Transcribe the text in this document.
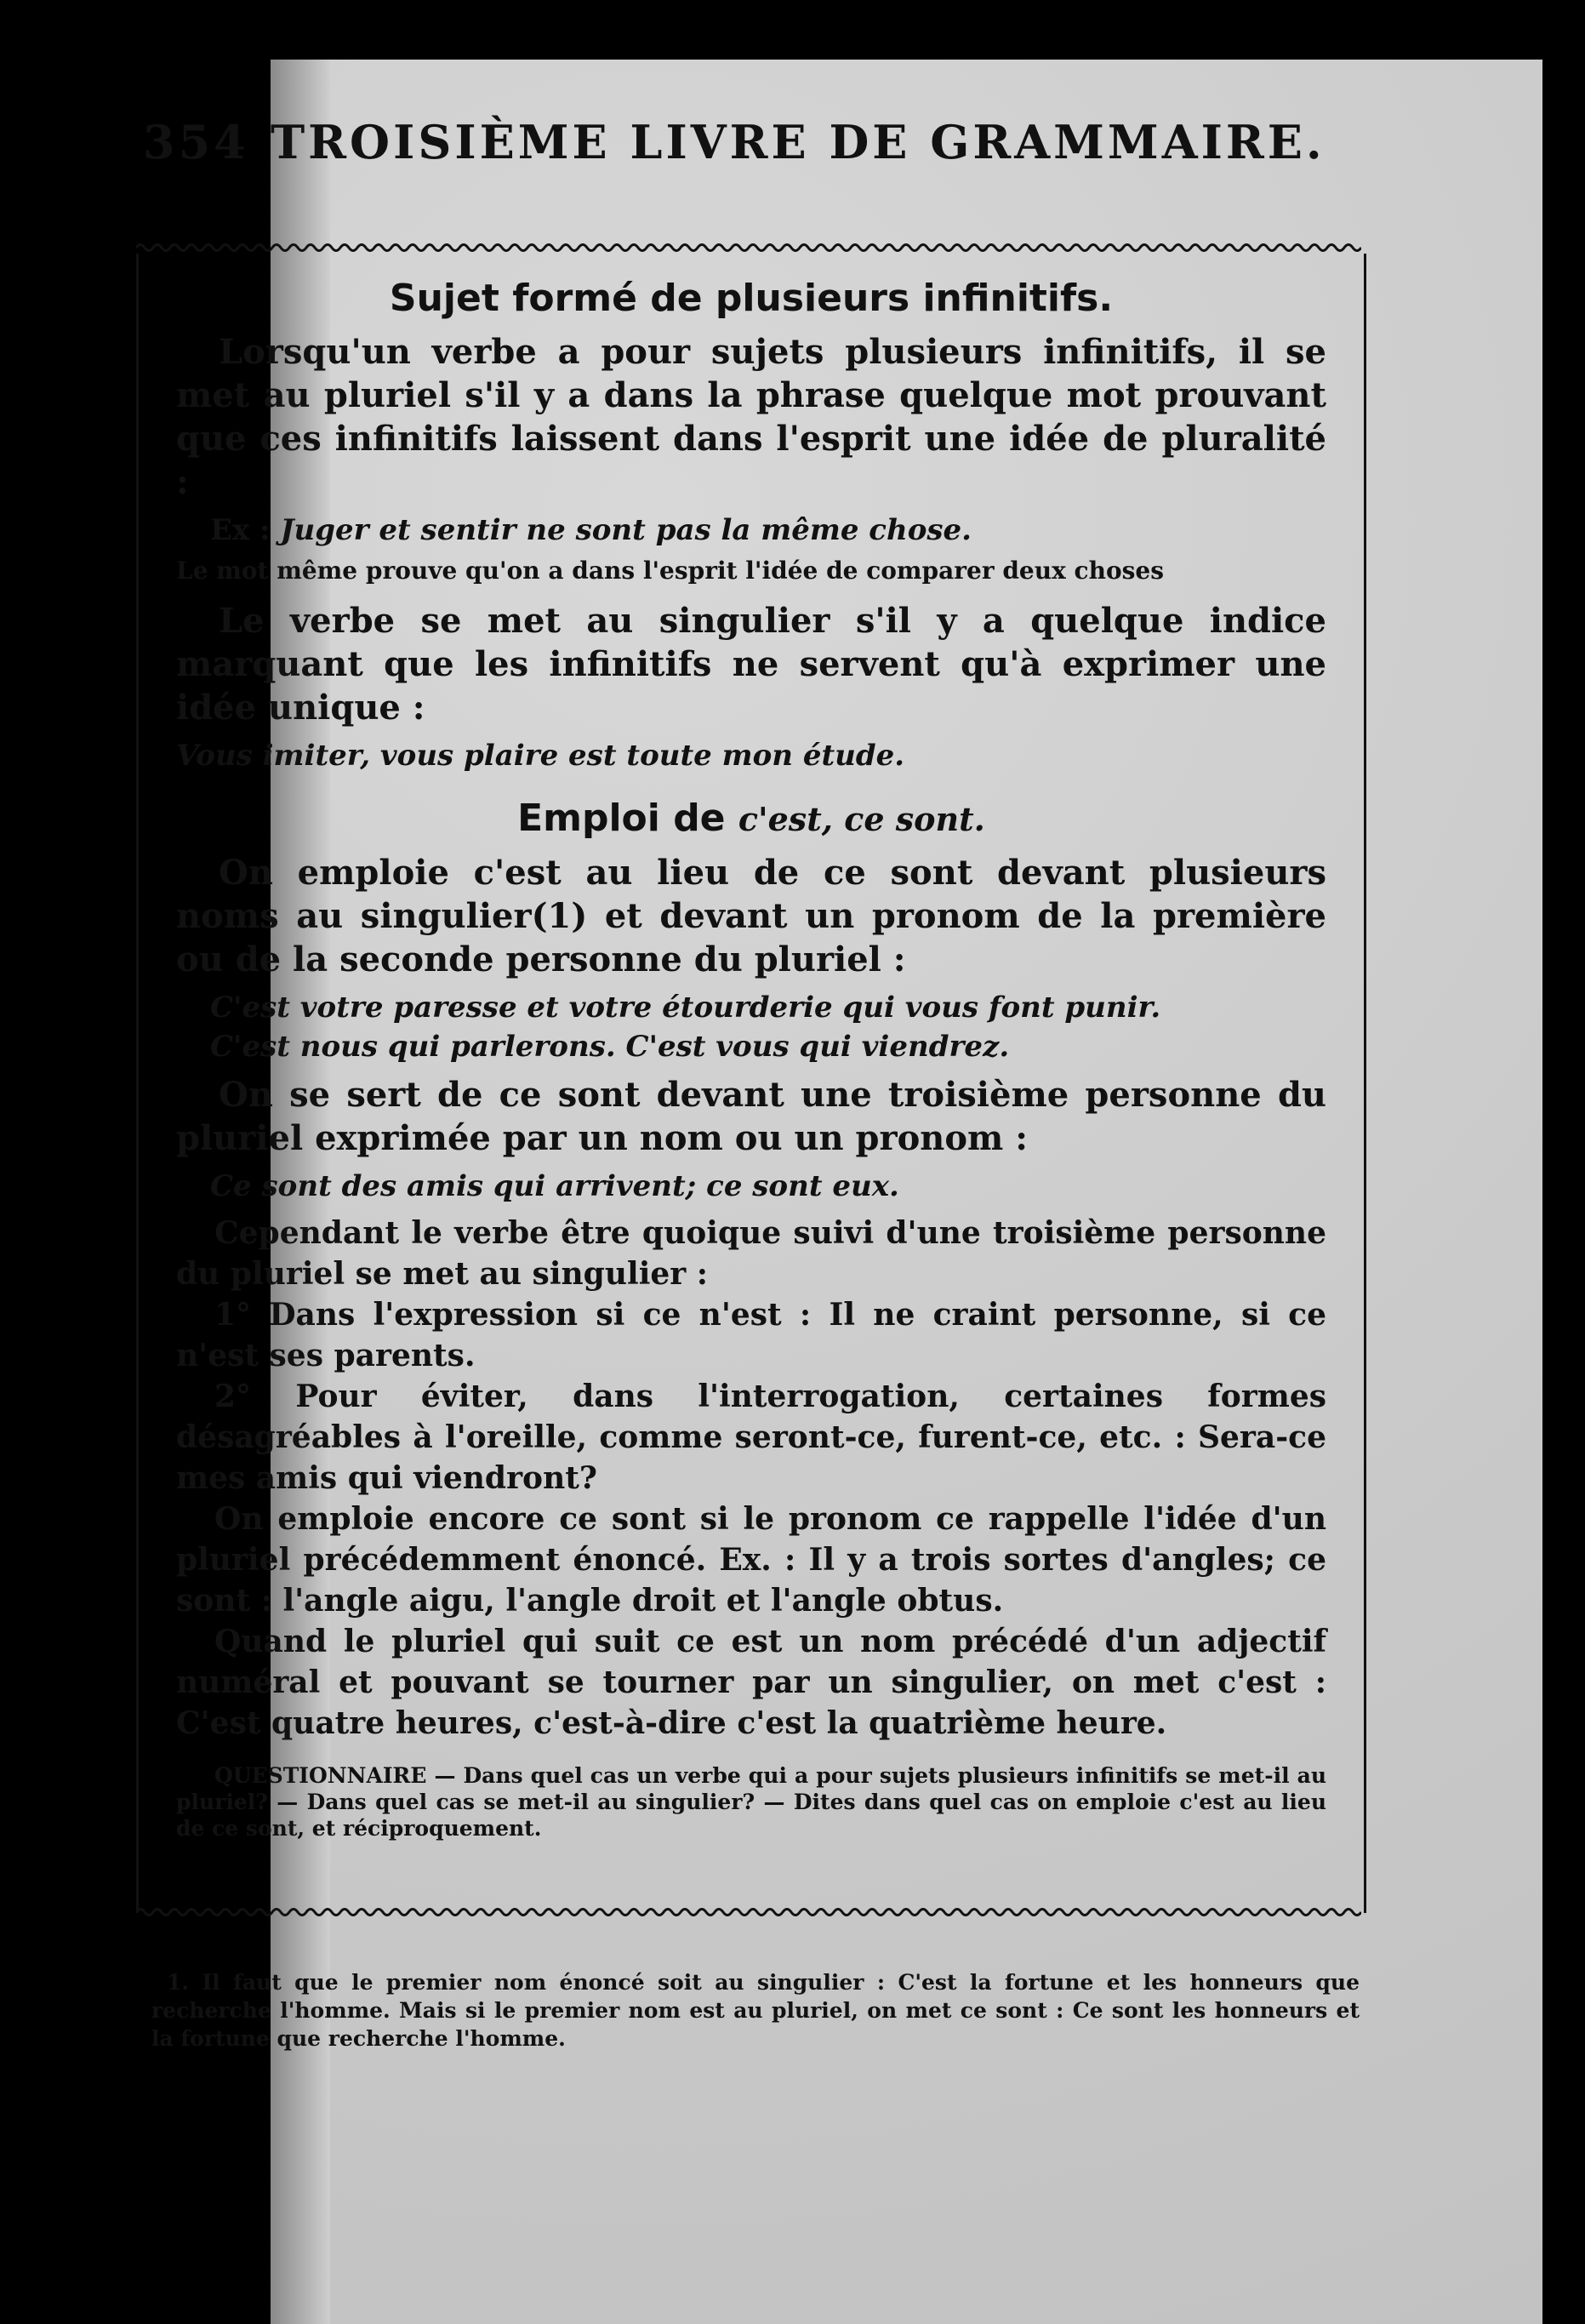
354 TROISIÈME LIVRE DE GRAMMAIRE.

Sujet formé de plusieurs infinitifs.

Lorsqu'un verbe a pour sujets plusieurs infinitifs, il se met au pluriel s'il y a dans la phrase quelque mot prouvant que ces infinitifs laissent dans l'esprit une idée de pluralité :

Ex : Juger et sentir ne sont pas la même chose.

Le mot même prouve qu'on a dans l'esprit l'idée de comparer deux choses

Le verbe se met au singulier s'il y a quelque indice marquant que les infinitifs ne servent qu'à exprimer une idée unique :

Vous imiter, vous plaire est toute mon étude.

Emploi de c'est, ce sont.

On emploie c'est au lieu de ce sont devant plusieurs noms au singulier(1) et devant un pronom de la première ou de la seconde personne du pluriel :

C'est votre paresse et votre étourderie qui vous font punir.

C'est nous qui parlerons. C'est vous qui viendrez.

On se sert de ce sont devant une troisième personne du pluriel exprimée par un nom ou un pronom :

Ce sont des amis qui arrivent; ce sont eux.

Cependant le verbe être quoique suivi d'une troisième personne du pluriel se met au singulier :

1° Dans l'expression si ce n'est : Il ne craint personne, si ce n'est ses parents.

2° Pour éviter, dans l'interrogation, certaines formes désagréables à l'oreille, comme seront-ce, furent-ce, etc. : Sera-ce mes amis qui viendront?

On emploie encore ce sont si le pronom ce rappelle l'idée d'un pluriel précédemment énoncé. Ex. : Il y a trois sortes d'angles; ce sont : l'angle aigu, l'angle droit et l'angle obtus.

Quand le pluriel qui suit ce est un nom précédé d'un adjectif numéral et pouvant se tourner par un singulier, on met c'est : C'est quatre heures, c'est-à-dire c'est la quatrième heure.

QUESTIONNAIRE — Dans quel cas un verbe qui a pour sujets plusieurs infinitifs se met-il au pluriel? — Dans quel cas se met-il au singulier? — Dites dans quel cas on emploie c'est au lieu de ce sont, et réciproquement.

1. Il faut que le premier nom énoncé soit au singulier : C'est la fortune et les honneurs que recherche l'homme. Mais si le premier nom est au pluriel, on met ce sont : Ce sont les honneurs et la fortune que recherche l'homme.
